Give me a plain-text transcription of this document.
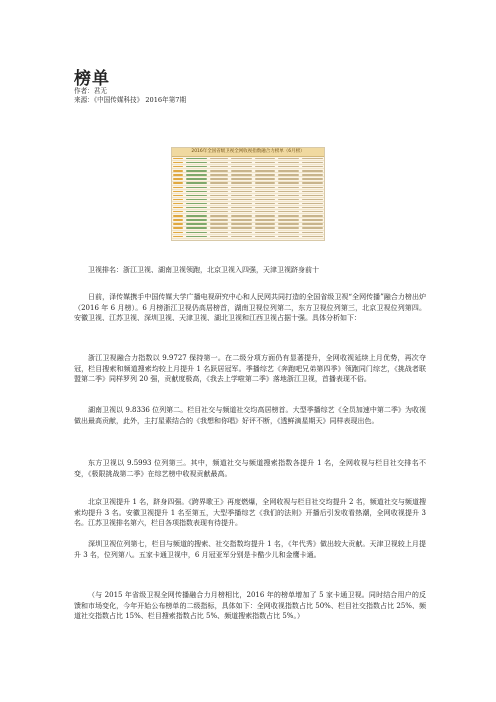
榜单
作者：君无
来源：《中国传媒科技》 2016年第7期
2016年全国省级卫视全网收视指数融合力榜单（6月榜）

卫视排名：浙江卫视、湖南卫视领跑，北京卫视入四强，天津卫视跻身前十

日前，泽传媒携手中国传媒大学广播电视研究中心和人民网共同打造的全国省级卫视“全网传播”融合力榜出炉（2016 年 6 月榜）。6 月榜浙江卫视仍高居榜首，湖南卫视位列第二，东方卫视位列第三，北京卫视位列第四。安徽卫视、江苏卫视、深圳卫视、天津卫视、湖北卫视和江西卫视占据十强。具体分析如下：

浙江卫视融合力指数以 9.9727 保持第一。在二级分项方面仍有显著提升，全网收视延续上月优势，再次夺冠，栏目搜索和频道搜索均较上月提升 1 名跃居冠军。季播综艺《奔跑吧兄弟第四季》领跑同门综艺，《挑战者联盟第二季》同样罗列 20 强，贡献度极高，《我去上学啦第二季》落地浙江卫视，首播表现不俗。

湖南卫视以 9.8336 位列第二。栏目社交与频道社交均高居榜首。大型季播综艺《全员加速中第二季》为收视做出最高贡献，此外，主打星素结合的《我想和你唱》好评不断，《透鲜滴星期天》同样表现出色。

东方卫视以 9.5993 位列第三。其中，频道社交与频道搜索指数各提升 1 名，全网收视与栏目社交排名不变，《极限挑战第二季》在综艺榜中收视贡献最高。

北京卫视提升 1 名，跻身四强。《跨界歌王》再度燃爆，全网收视与栏目社交均提升 2 名，频道社交与频道搜索均提升 3 名。安徽卫视提升 1 名至第五，大型季播综艺《我们的法则》开播后引发收看热潮，全网收视提升 3 名。江苏卫视排名第六，栏目各项指数表现有待提升。

深圳卫视位列第七，栏目与频道的搜索、社交指数均提升 1 名，《年代秀》做出较大贡献。天津卫视较上月提升 3 名，位列第八。五家卡通卫视中，6 月冠亚军分别是卡酷少儿和金鹰卡通。

（与 2015 年省级卫视全网传播融合力月榜相比，2016 年的榜单增加了 5 家卡通卫视。同时结合用户的反馈和市场变化，今年开始公布榜单的二级指标，具体如下：全网收视指数占比 50%、栏目社交指数占比 25%、频道社交指数占比 15%、栏目搜索指数占比 5%、频道搜索指数占比 5%。）
